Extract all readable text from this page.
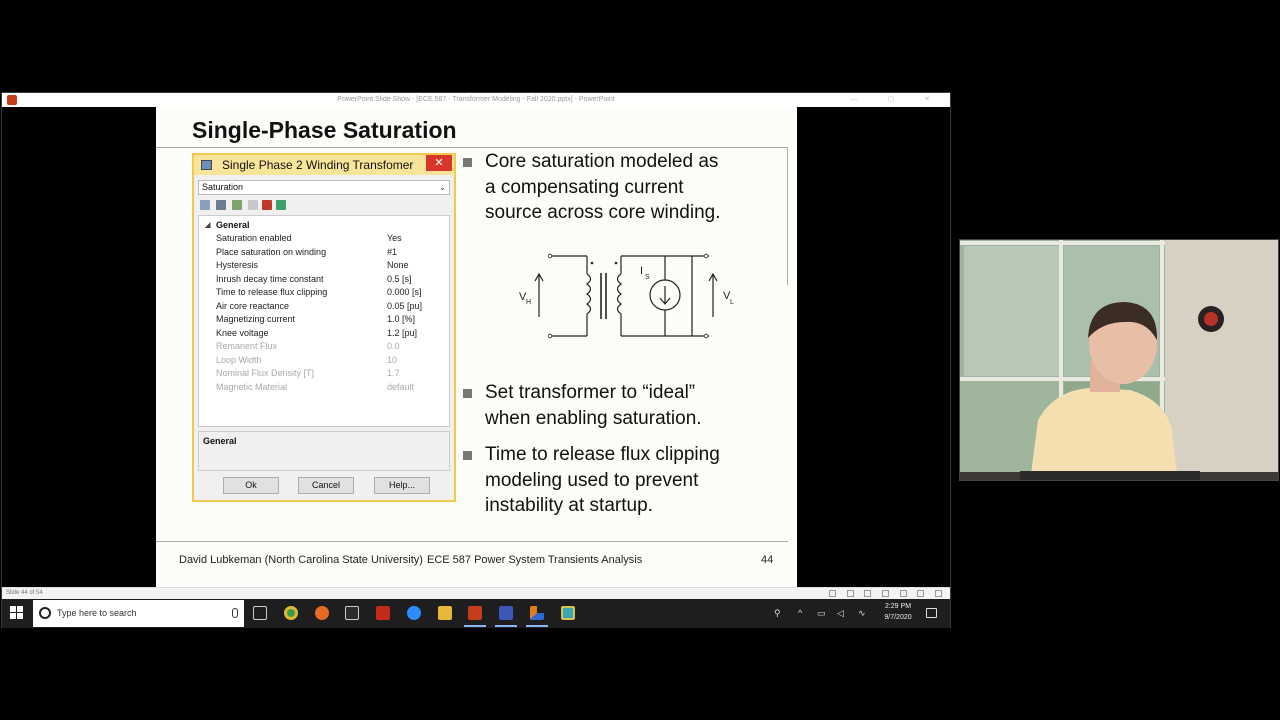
PowerPoint Slide Show - [ECE 587 - Transformer Modeling - Fall 2020.pptx] - PowerPoint	— ▢ ✕
Single-Phase Saturation
Single Phase 2 Winding Transfomer	✕
Saturation	⌄
◢ General
Saturation enabled	Yes
Place saturation on winding	#1
Hysteresis	None
Inrush decay time constant	0.5 [s]
Time to release flux clipping	0.000 [s]
Air core reactance	0.05 [pu]
Magnetizing current	1.0 [%]
Knee voltage	1.2 [pu]
Remanent Flux	0.0
Loop Width	10
Nominal Flux Density [T]	1.7
Magnetic Material	default
General
Ok	Cancel	Help...
Core saturation modeled as
a compensating current
source across core winding.
V H
V
L
I
S
Set transformer to “ideal”
when enabling saturation.
Time to release flux clipping
modeling used to prevent
instability at startup.
David Lubkeman (North Carolina State University) ECE 587 Power System Transients Analysis	44
Slide 44 of 54

Type here to search	⚲ ^ ▭ ◁ ∿
2:29 PM
9/7/2020
